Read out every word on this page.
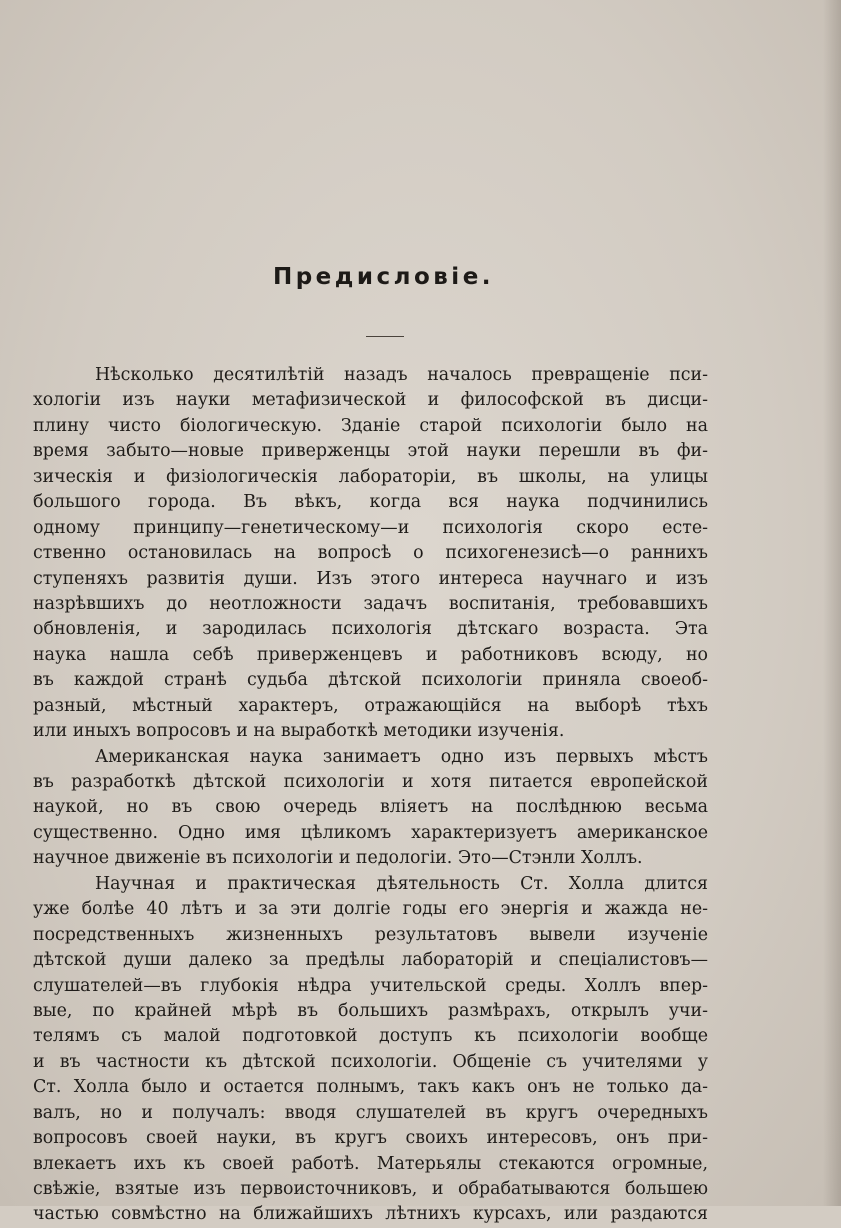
Предисловіе.
Нѣсколько десятилѣтій назадъ началось превращеніе пси-
хологіи изъ науки метафизической и философской въ дисци-
плину чисто біологическую. Зданіе старой психологіи было на
время забыто—новые приверженцы этой науки перешли въ фи-
зическія и физіологическія лабораторіи, въ школы, на улицы
большого города. Въ вѣкъ, когда вся наука подчинились
одному принципу—генетическому—и психологія скоро есте-
ственно остановилась на вопросѣ о психогенезисѣ—о раннихъ
ступеняхъ развитія души. Изъ этого интереса научнаго и изъ
назрѣвшихъ до неотложности задачъ воспитанія, требовавшихъ
обновленія, и зародилась психологія дѣтскаго возраста. Эта
наука нашла себѣ приверженцевъ и работниковъ всюду, но
въ каждой странѣ судьба дѣтской психологіи приняла своеоб-
разный, мѣстный характеръ, отражающійся на выборѣ тѣхъ
или иныхъ вопросовъ и на выработкѣ методики изученія.
Американская наука занимаетъ одно изъ первыхъ мѣстъ
въ разработкѣ дѣтской психологіи и хотя питается европейской
наукой, но въ свою очередь вліяетъ на послѣднюю весьма
существенно. Одно имя цѣликомъ характеризуетъ американское
научное движеніе въ психологіи и педологіи. Это—Стэнли Холлъ.
Научная и практическая дѣятельность Ст. Холла длится
уже болѣе 40 лѣтъ и за эти долгіе годы его энергія и жажда не-
посредственныхъ жизненныхъ результатовъ вывели изученіе
дѣтской души далеко за предѣлы лабораторій и спеціалистовъ—
слушателей—въ глубокія нѣдра учительской среды. Холлъ впер-
вые, по крайней мѣрѣ въ большихъ размѣрахъ, открылъ учи-
телямъ съ малой подготовкой доступъ къ психологіи вообще
и въ частности къ дѣтской психологіи. Общеніе съ учителями у
Ст. Холла было и остается полнымъ, такъ какъ онъ не только да-
валъ, но и получалъ: вводя слушателей въ кругъ очередныхъ
вопросовъ своей науки, въ кругъ своихъ интересовъ, онъ при-
влекаетъ ихъ къ своей работѣ. Матерьялы стекаются огромные,
свѣжіе, взятые изъ первоисточниковъ, и обрабатываются большею
частью совмѣстно на ближайшихъ лѣтнихъ курсахъ, или раздаются
